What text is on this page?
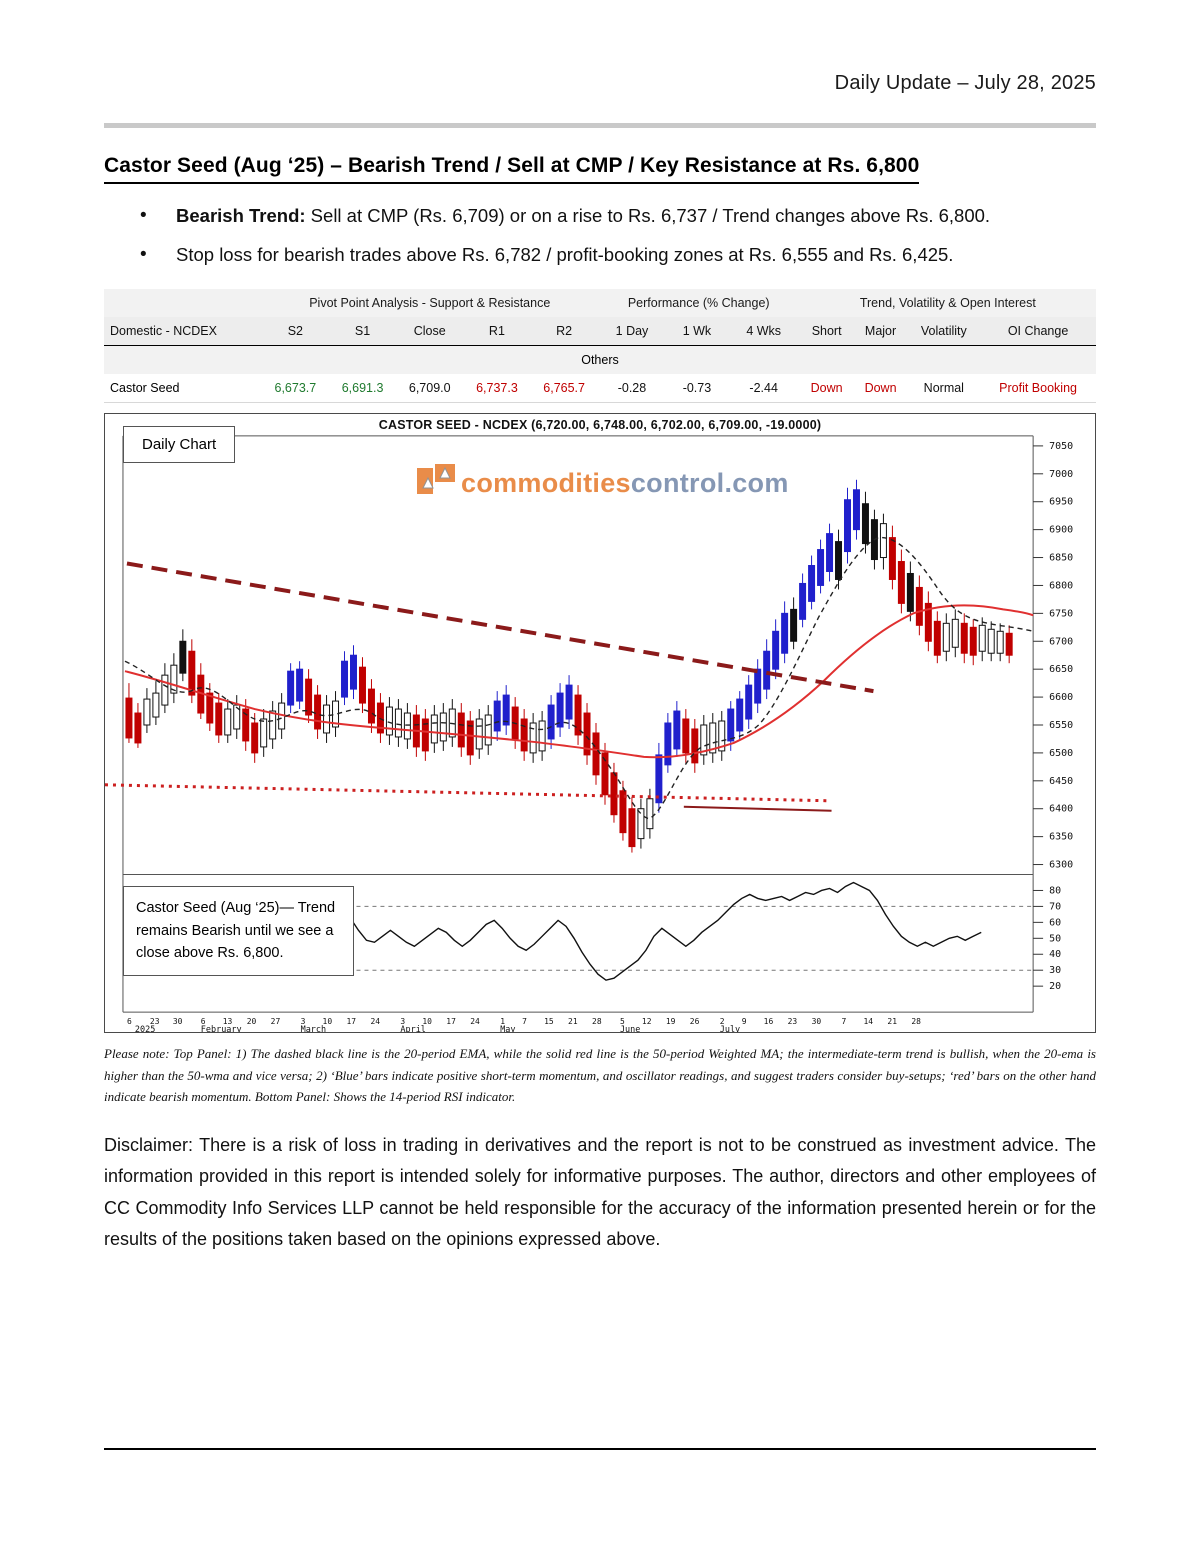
Daily Update – July 28, 2025
Castor Seed (Aug ‘25) – Bearish Trend / Sell at CMP / Key Resistance at Rs. 6,800
• Bearish Trend: Sell at CMP (Rs. 6,709) or on a rise to Rs. 6,737 / Trend changes above Rs. 6,800.
• Stop loss for bearish trades above Rs. 6,782 / profit-booking zones at Rs. 6,555 and Rs. 6,425.
	Pivot Point Analysis - Support & Resistance					Performance (% Change)			Trend, Volatility & Open Interest			
Domestic - NCDEX	S2	S1	Close	R1	R2	1 Day	1 Wk	4 Wks	Short	Major	Volatility	OI Change
Others												
Castor Seed	6,673.7	6,691.3	6,709.0	6,737.3	6,765.7	-0.28	-0.73	-2.44	Down	Down	Normal	Profit Booking
CASTOR SEED - NCDEX (6,720.00, 6,748.00, 6,702.00, 6,709.00, -19.0000)
Daily Chart
Castor Seed (Aug ‘25)— Trend remains Bearish until we see a close above Rs. 6,800.
commoditiescontrol.com
7050
7000
6950
6900
6850
6800
6750
6700
6650
6600
6550
6500
6450
6400
6350
6300
80
70
60
50
40
30
20
6 23 30 6 13 20 27	3 10 17 24	3 10 17 24	1 7 15 21 28 5 12 19 26	2 9 16 23 30	7 14 21 28
2025	February	March	April	May	June	July
Please note: Top Panel: 1) The dashed black line is the 20-period EMA, while the solid red line is the 50-period Weighted MA; the intermediate-term trend is bullish, when the 20-ema is higher than the 50-wma and vice versa; 2) ‘Blue’ bars indicate positive short-term momentum, and oscillator readings, and suggest traders consider buy-setups; ‘red’ bars on the other hand indicate bearish momentum. Bottom Panel: Shows the 14-period RSI indicator.
Disclaimer: There is a risk of loss in trading in derivatives and the report is not to be construed as investment advice. The information provided in this report is intended solely for informative purposes. The author, directors and other employees of CC Commodity Info Services LLP cannot be held responsible for the accuracy of the information presented herein or for the results of the positions taken based on the opinions expressed above.
